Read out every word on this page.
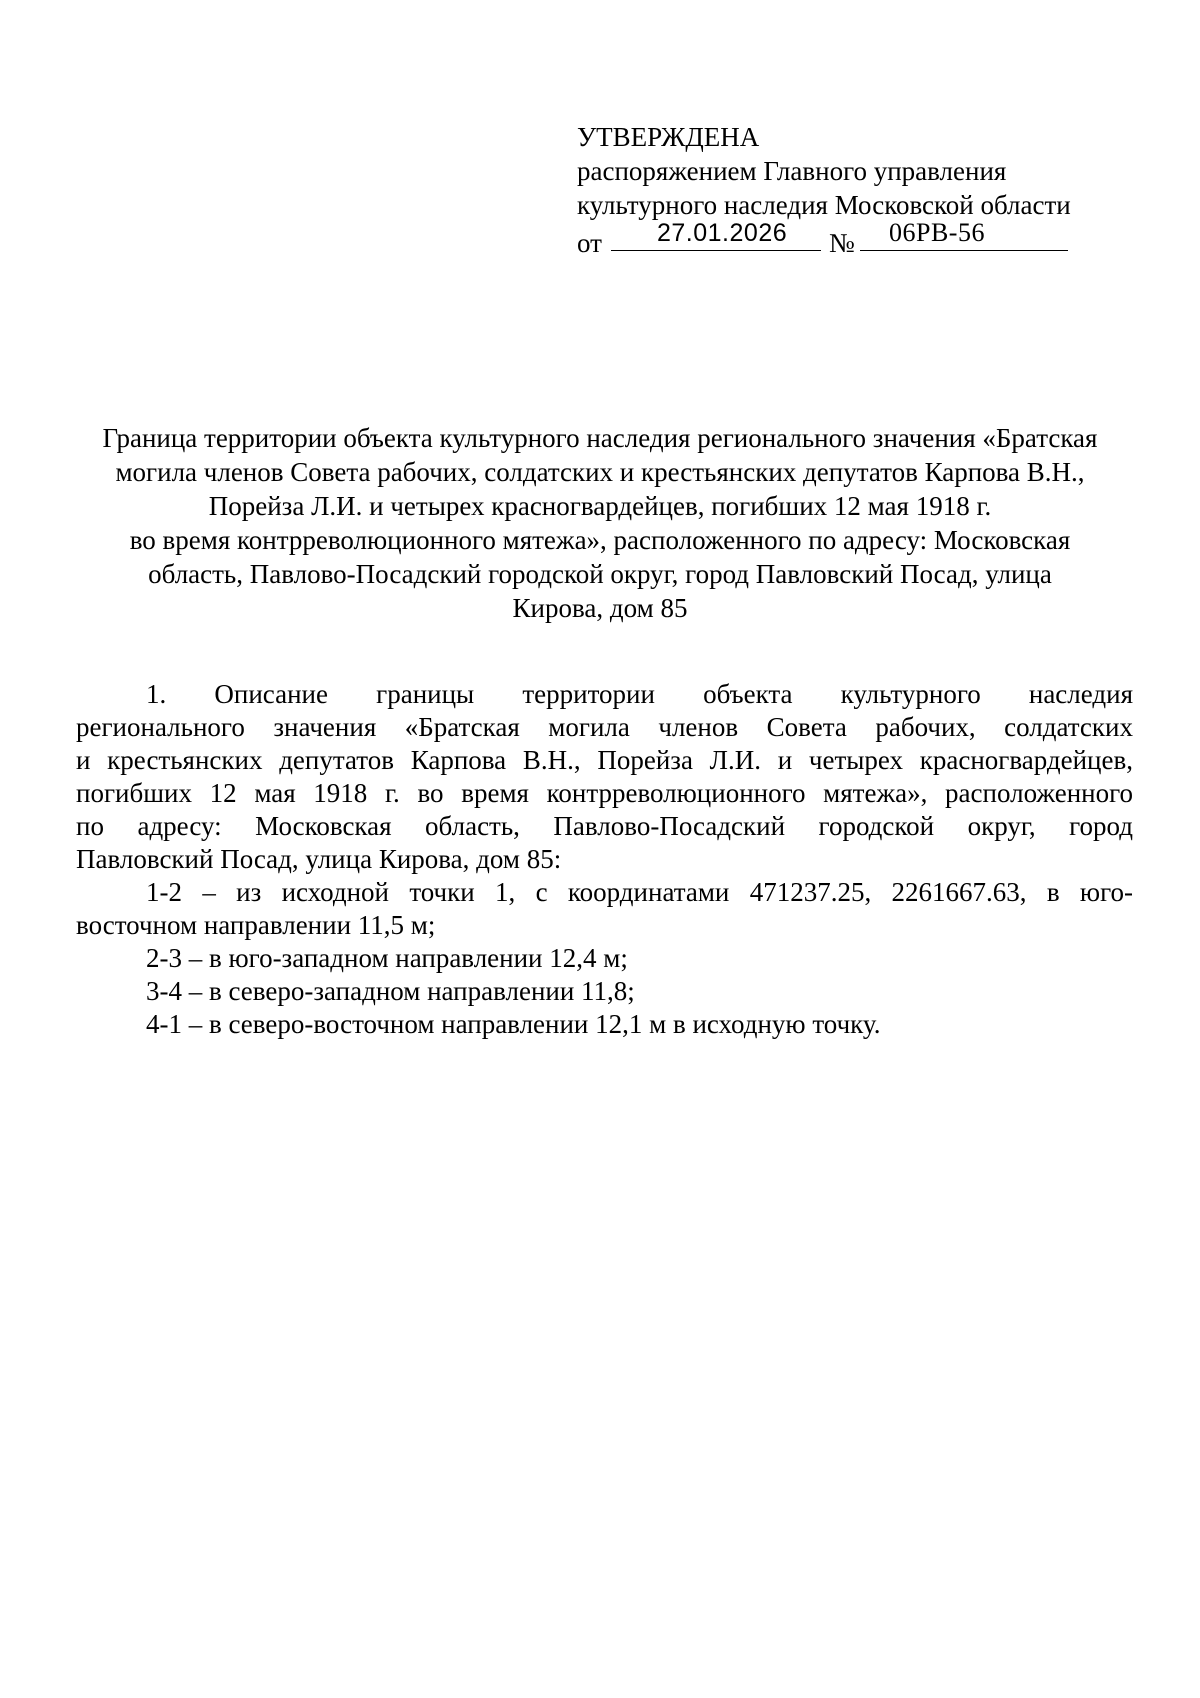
УТВЕРЖДЕНА
распоряжением Главного управления
культурного наследия Московской области
от 27.01.2026 № 06РВ-56
Граница территории объекта культурного наследия регионального значения «Братская
могила членов Совета рабочих, солдатских и крестьянских депутатов Карпова В.Н.,
Порейза Л.И. и четырех красногвардейцев, погибших 12 мая 1918 г.
во время контрреволюционного мятежа», расположенного по адресу: Московская
область, Павлово-Посадский городской округ, город Павловский Посад, улица
Кирова, дом 85
1. Описание границы территории объекта культурного наследия
регионального значения «Братская могила членов Совета рабочих, солдатских
и крестьянских депутатов Карпова В.Н., Порейза Л.И. и четырех красногвардейцев,
погибших 12 мая 1918 г. во время контрреволюционного мятежа», расположенного
по адресу: Московская область, Павлово-Посадский городской округ, город
Павловский Посад, улица Кирова, дом 85:
1-2 – из исходной точки 1, с координатами 471237.25, 2261667.63, в юго-
восточном направлении 11,5 м;
2-3 – в юго-западном направлении 12,4 м;
3-4 – в северо-западном направлении 11,8;
4-1 – в северо-восточном направлении 12,1 м в исходную точку.
